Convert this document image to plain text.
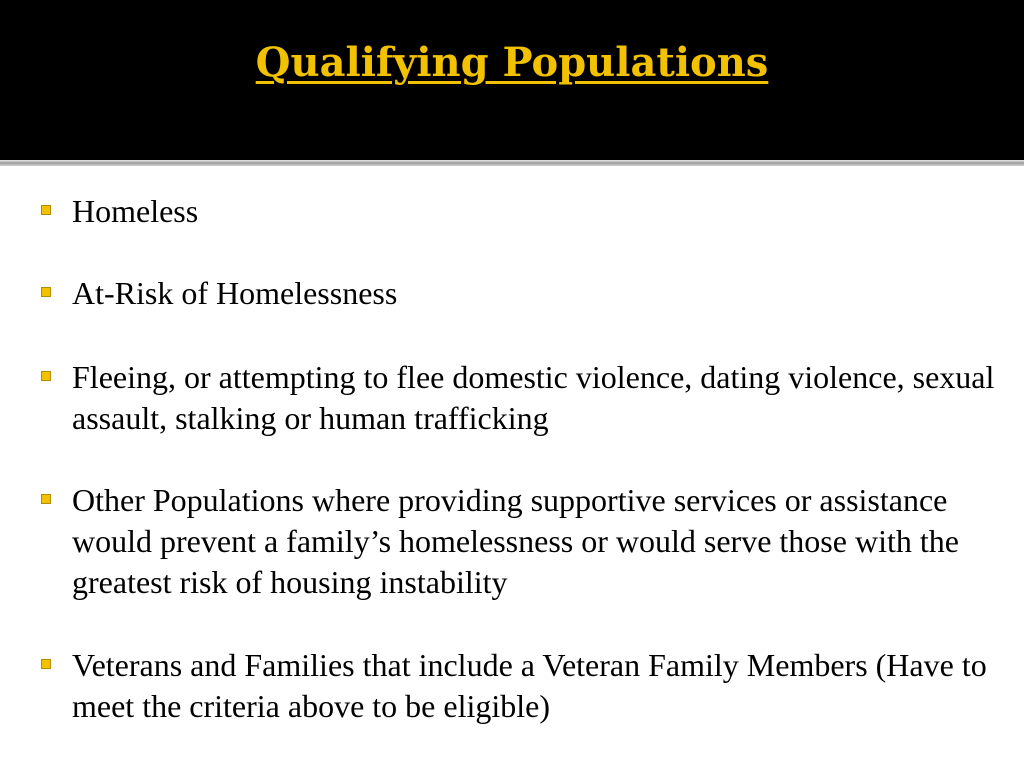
Qualifying Populations
Homeless
At-Risk of Homelessness
Fleeing, or attempting to flee domestic violence, dating violence, sexual assault, stalking or human trafficking
Other Populations where providing supportive services or assistance would prevent a family’s homelessness or would serve those with the greatest risk of housing instability
Veterans and Families that include a Veteran Family Members (Have to meet the criteria above to be eligible)
